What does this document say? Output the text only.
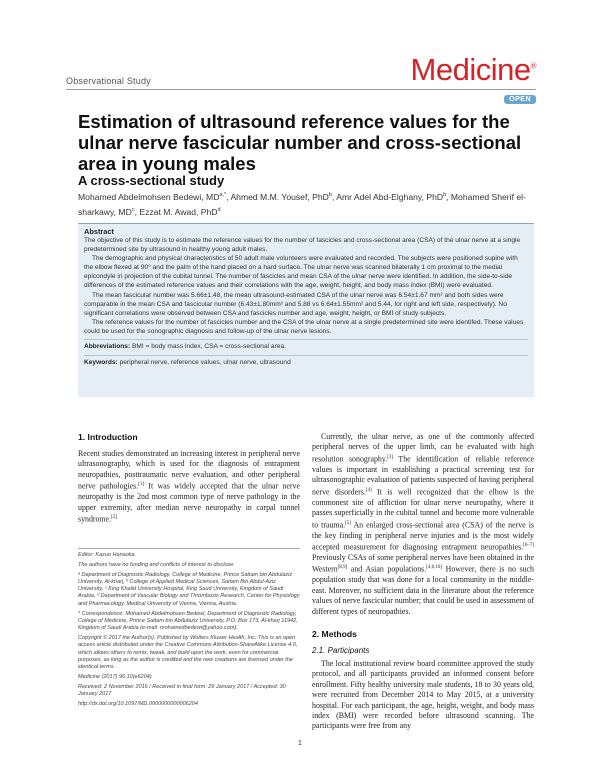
Observational Study	Medicine®
OPEN
Estimation of ultrasound reference values for the ulnar nerve fascicular number and cross-sectional area in young males
A cross-sectional study
Mohamed Abdelmohsen Bedewi, $MD^{a,*}$, Ahmed M.M. Yousef, PhD$^b$, Amr Adel Abd-Elghany, PhD$^b$, Mohamed Sherif el-sharkawy, $MD^c$, Ezzat M. Awad, PhD$^d$
Abstract

The objective of this study is to estimate the reference values for the number of fascicles and cross-sectional area (CSA) of the ulnar nerve at a single predetermined site by ultrasound in healthy young adult males.

The demographic and physical characteristics of 50 adult male volunteers were evaluated and recorded. The subjects were positioned supine with the elbow flexed at 90° and the palm of the hand placed on a hard surface. The ulnar nerve was scanned bilaterally 1 cm proximal to the medial epicondyle in projection of the cubital tunnel. The number of fascicles and mean CSA of the ulnar nerve were identified. In addition, the side-to-side differences of the estimated reference values and their correlations with the age, weight, height, and body mass index (BMI) were evaluated.

The mean fascicular number was 5.66±1.48, the mean ultrasound-estimated CSA of the ulnar nerve was 6.54±1.67 mm² and both sides were comparable in the mean CSA and fascicular number (6.43±1.80mm² and 5.88 vs 6.64±1.55mm² and 5.44, for right and left side, respectively). No significant correlations were observed between CSA and fascicles number and age, weight, height, or BMI of study subjects.

The reference values for the number of fascicles number and the CSA of the ulnar nerve at a single predetermined site were identifed. These values could be used for the sonographic diagnosis and follow-up of the ulnar nerve lesions.

Abbreviations: BMI = body mass index, CSA = cross-sectional area.
Keywords: peripheral nerve, reference values, ulnar nerve, ultrasound
1. Introduction

Recent studies demonstrated an increasing interest in peripheral nerve ultrasonography, which is used for the diagnosis of entrapment neuropathies, posttraumatic nerve evaluation, and other peripheral nerve pathologies.[1] It was widely accepted that the ulnar nerve neuropathy is the 2nd most common type of nerve pathology in the upper extremity, after median nerve neuropathy in carpal tunnel syndrome.[2]

Editor: Kazuo Hanaoka.

The authors have no funding and conflicts of interest to disclose.

ᵃ Department of Diagnostic Radiology, College of Medicine, Prince Sattam bin Abdulaziz University, Al-kharj, ᵇ College of Applied Medical Sciences, Sattam Bin Abdul-Aziz University, ᶜ King Khalid University Hospital, King Saud University, Kingdom of Saudi Arabia, ᵈ Department of Vascular Biology and Thrombosis Research, Center for Physiology and Pharmacology, Medical University of Vienna, Vienna, Austria.

* Correspondence: Mohamed Abdelmohsen Bedewi, Department of Diagnostic Radiology, College of Medicine, Prince Sattam bin Abdulaziz University, P.O. Box 173, Al-kharj 11942, Kingdom of Saudi Arabia (e-mail: mohamedbedewi@yahoo.com).

Copyright © 2017 the Author(s). Published by Wolters Kluwer Health, Inc. This is an open access article distributed under the Creative Commons Attribution-ShareAlike License 4.0, which allows others to remix, tweak, and build upon the work, even for commercial purposes, as long as the author is credited and the new creations are licensed under the identical terms.

Medicine (2017) 96:10(e6204)

Received: 2 November 2016 / Received in final form: 29 January 2017 / Accepted: 30 January 2017

http://dx.doi.org/10.1097/MD.0000000000006204

Currently, the ulnar nerve, as one of the commonly affected peripheral nerves of the upper limb, can be evaluated with high resolution sonography.[3] The identification of reliable reference values is important in establishing a practical screening test for ultrasonographic evaluation of patients suspected of having peripheral nerve disorders.[4] It is well recognized that the elbow is the commonest site of affliction for ulnar nerve neuropathy, where it passes superficially in the cubital tunnel and become more vulnerable to trauma.[5] An enlarged cross-sectional area (CSA) of the nerve is the key finding in peripheral nerve injuries and is the most widely accepted measurement for diagnosing entrapment neuropathies.[6–7] Previously CSAs of some peripheral nerves have been obtained in the Western[8,9] and Asian populations.[4,6,10] However, there is no such population study that was done for a local community in the middle-east. Moreover, no sufficient data in the literature about the reference values of nerve fascicular number; that could be used in assessment of different types of neuropathies.

2. Methods
2.1. Participants

The local institutional review board committee approved the study protocol, and all participants provided an informed consent before enrollment. Fifty healthy university male students, 18 to 30 years old, were recruited from December 2014 to May 2015, at a university hospital. For each participant, the age, height, weight, and body mass index (BMI) were recorded before ultrasound scanning. The participants were free from any

1
